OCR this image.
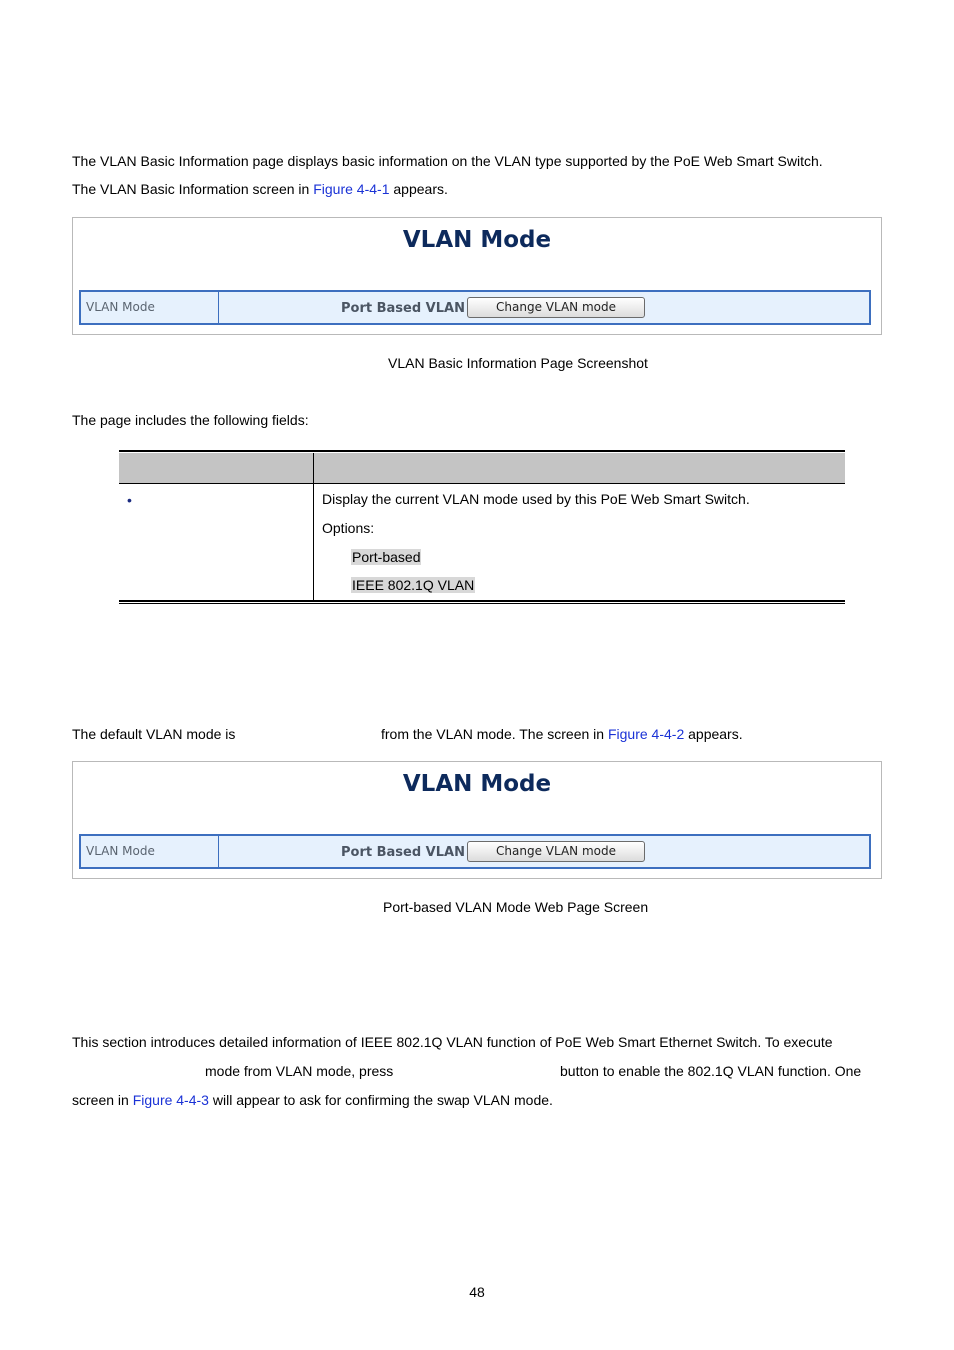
The VLAN Basic Information page displays basic information on the VLAN type supported by the PoE Web Smart Switch.
The VLAN Basic Information screen in Figure 4-4-1 appears.
VLAN Mode
VLAN Mode	Port Based VLAN	Change VLAN mode
VLAN Basic Information Page Screenshot
The page includes the following fields:
•	Display the current VLAN mode used by this PoE Web Smart Switch.
Options:
Port-based
IEEE 802.1Q VLAN
The default VLAN mode is	from the VLAN mode. The screen in Figure 4-4-2 appears.
VLAN Mode
VLAN Mode	Port Based VLAN	Change VLAN mode
Port-based VLAN Mode Web Page Screen
This section introduces detailed information of IEEE 802.1Q VLAN function of PoE Web Smart Ethernet Switch. To execute
mode from VLAN mode, press	button to enable the 802.1Q VLAN function. One
screen in Figure 4-4-3 will appear to ask for confirming the swap VLAN mode.
48
